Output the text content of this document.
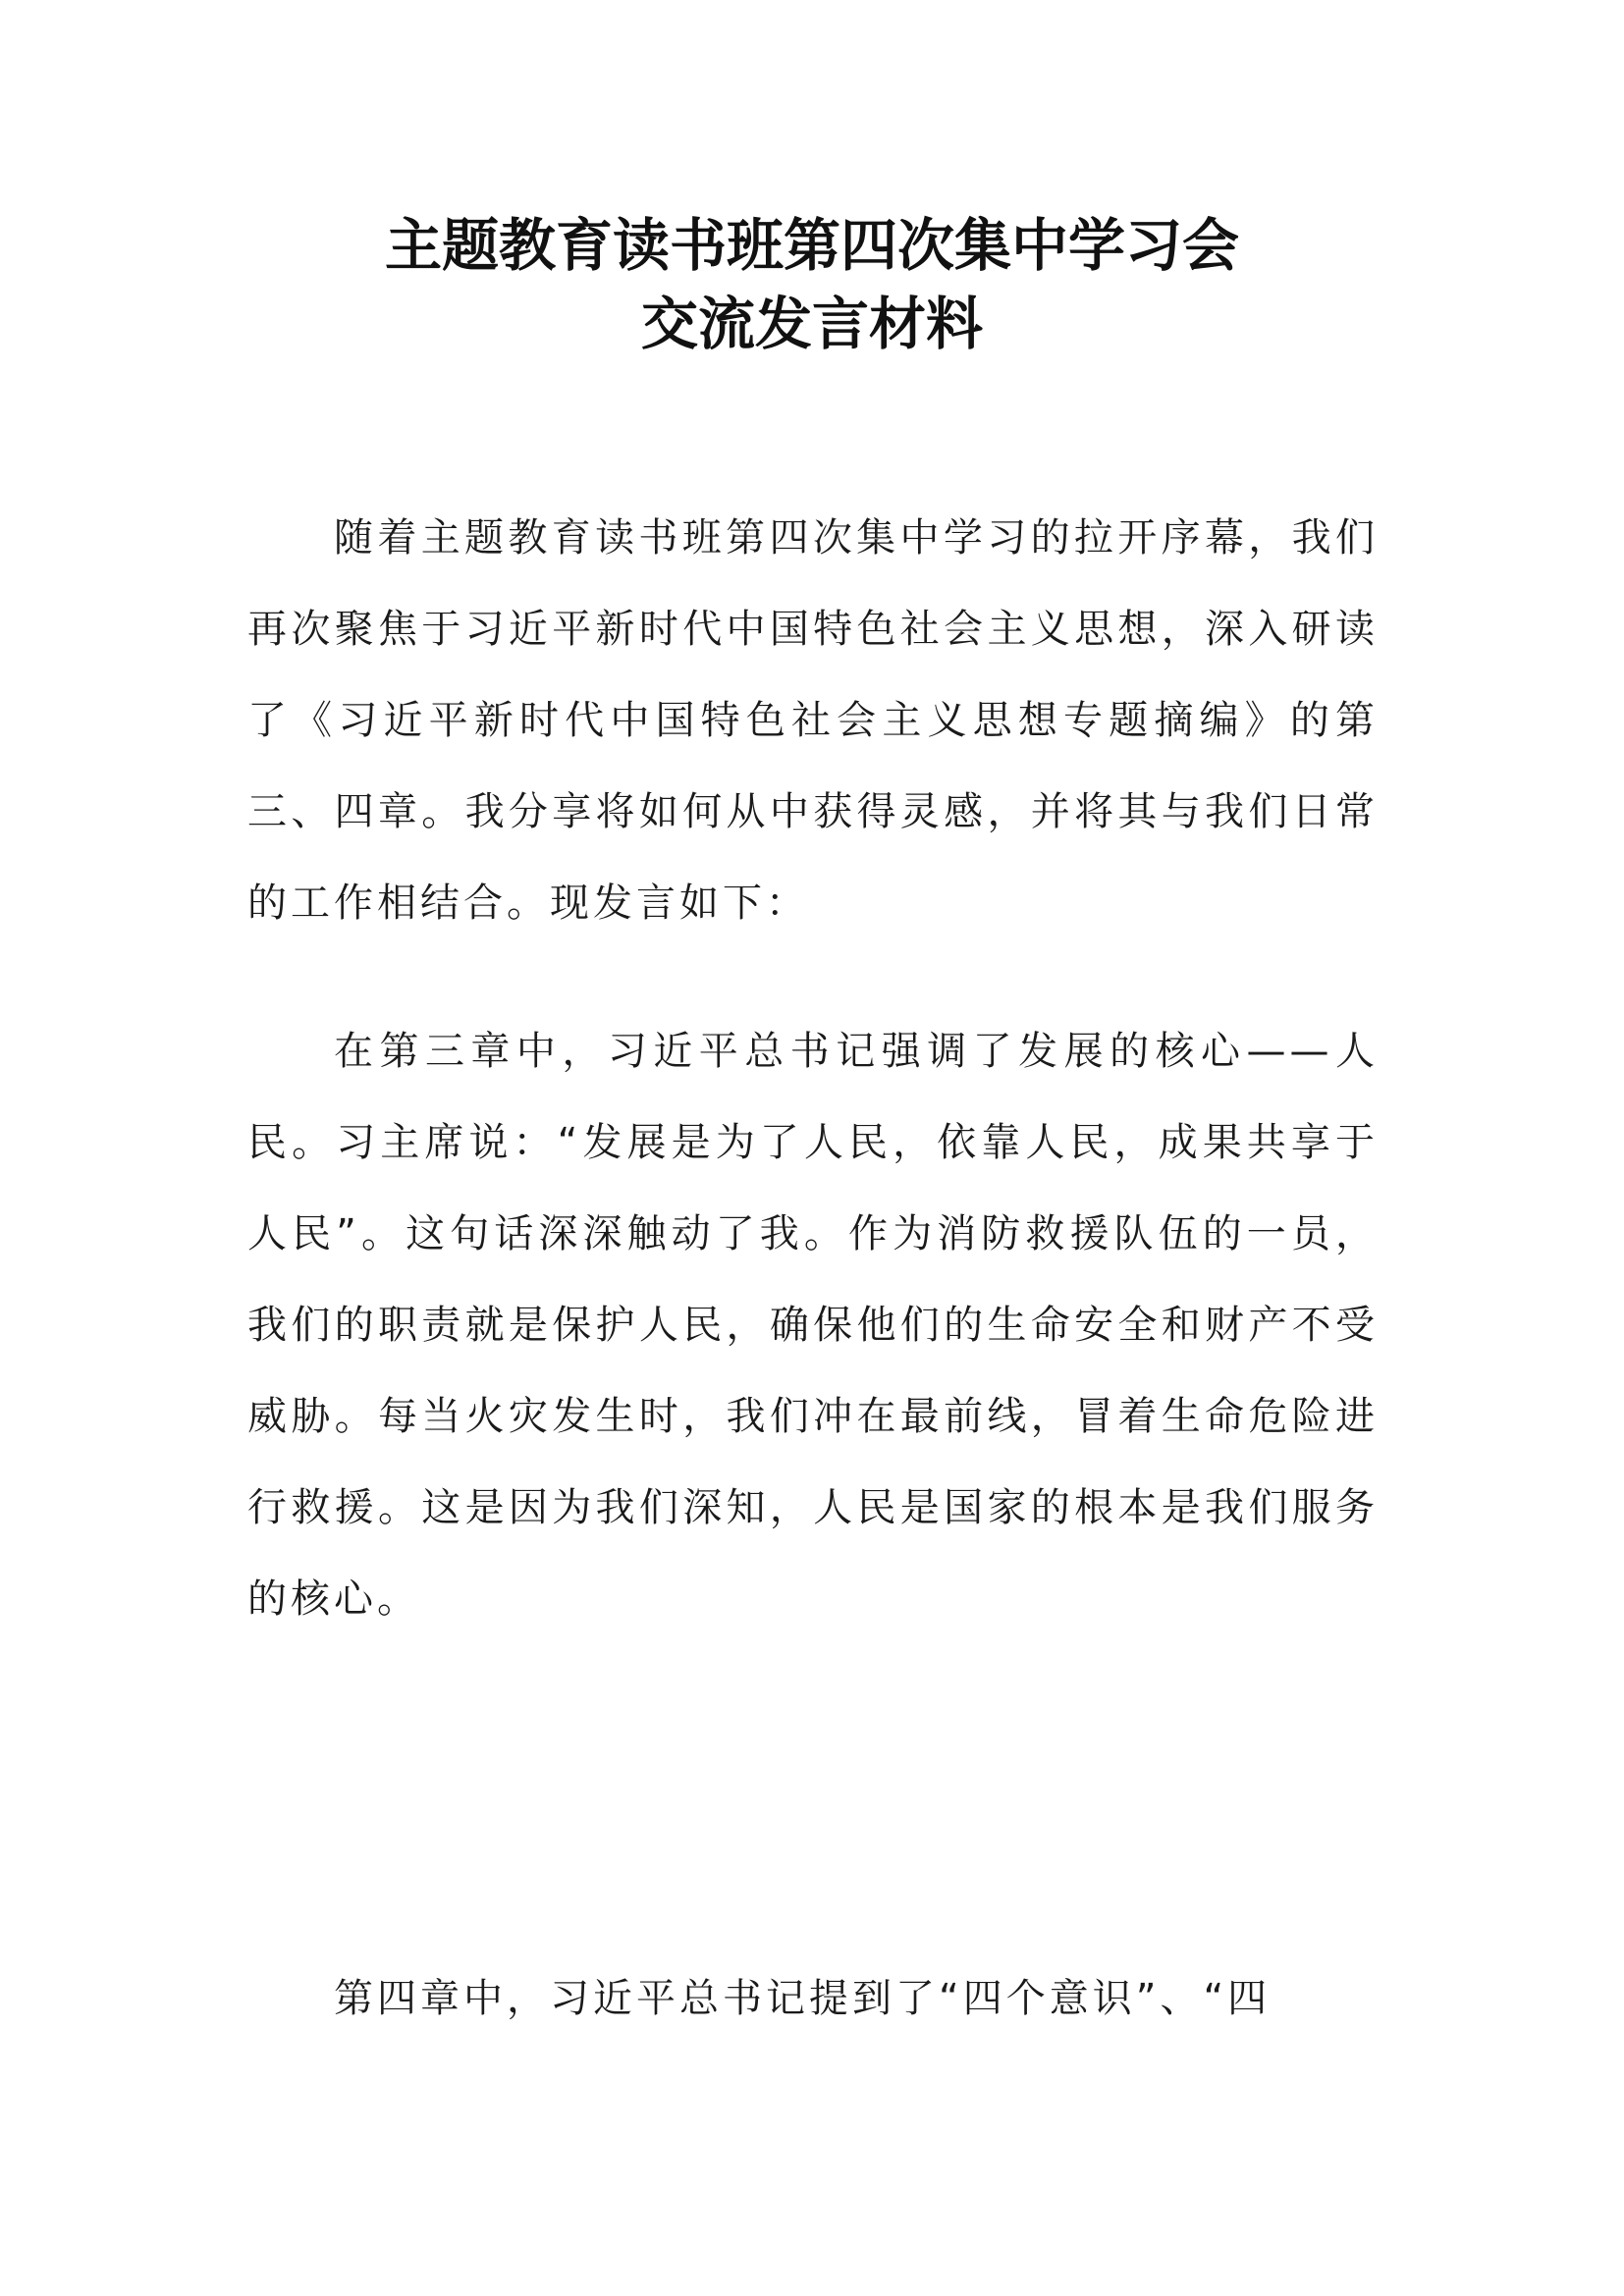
主题教育读书班第四次集中学习会
交流发言材料

随着主题教育读书班第四次集中学习的拉开序幕，我们再次聚焦于习近平新时代中国特色社会主义思想，深入研读了《习近平新时代中国特色社会主义思想专题摘编》的第三、四章。我分享将如何从中获得灵感，并将其与我们日常的工作相结合。现发言如下：

在第三章中，习近平总书记强调了发展的核心——人民。习主席说：“发展是为了人民，依靠人民，成果共享于人民”。这句话深深触动了我。作为消防救援队伍的一员，我们的职责就是保护人民，确保他们的生命安全和财产不受威胁。每当火灾发生时，我们冲在最前线，冒着生命危险进行救援。这是因为我们深知，人民是国家的根本是我们服务的核心。

第四章中，习近平总书记提到了“四个意识”、“四
